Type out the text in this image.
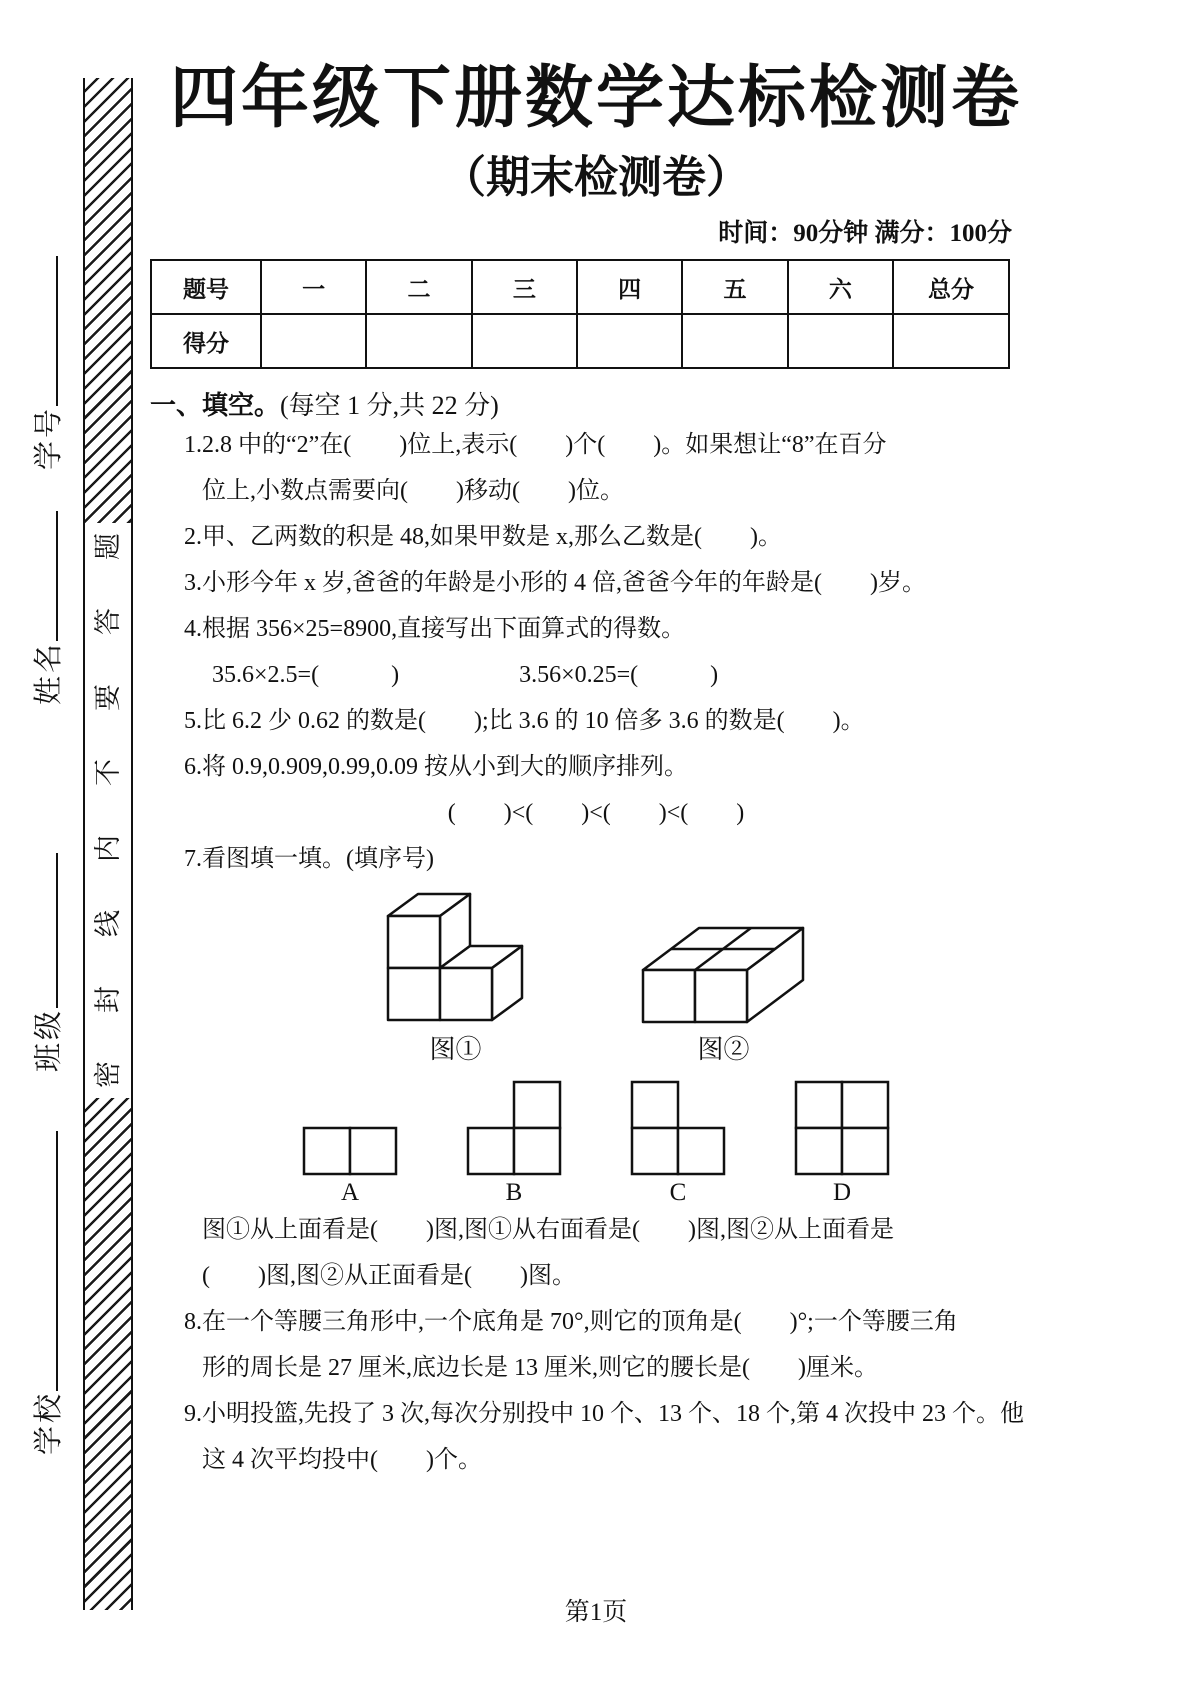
学号
姓名
班级
学校
题
答
要
不
内
线
封
密
四年级下册数学达标检测卷
（期末检测卷）
时间：90分钟 满分：100分
题号	一	二	三	四	五	六	总分
得分							
一、填空。(每空 1 分,共 22 分)
1.2.8 中的“2”在(        )位上,表示(        )个(        )。如果想让“8”在百分
位上,小数点需要向(        )移动(        )位。
2.甲、乙两数的积是 48,如果甲数是 x,那么乙数是(        )。
3.小形今年 x 岁,爸爸的年龄是小形的 4 倍,爸爸今年的年龄是(        )岁。
4.根据 356×25=8900,直接写出下面算式的得数。
35.6×2.5=(            )	3.56×0.25=(            )
5.比 6.2 少 0.62 的数是(        );比 3.6 的 10 倍多 3.6 的数是(        )。
6.将 0.9,0.909,0.99,0.09 按从小到大的顺序排列。
(        )<(        )<(        )<(        )
7.看图填一填。(填序号)
图①	图②
A	B	C	D
图①从上面看是(        )图,图①从右面看是(        )图,图②从上面看是
(        )图,图②从正面看是(        )图。
8.在一个等腰三角形中,一个底角是 70°,则它的顶角是(        )°;一个等腰三角
形的周长是 27 厘米,底边长是 13 厘米,则它的腰长是(        )厘米。
9.小明投篮,先投了 3 次,每次分别投中 10 个、13 个、18 个,第 4 次投中 23 个。他
这 4 次平均投中(        )个。
第1页
